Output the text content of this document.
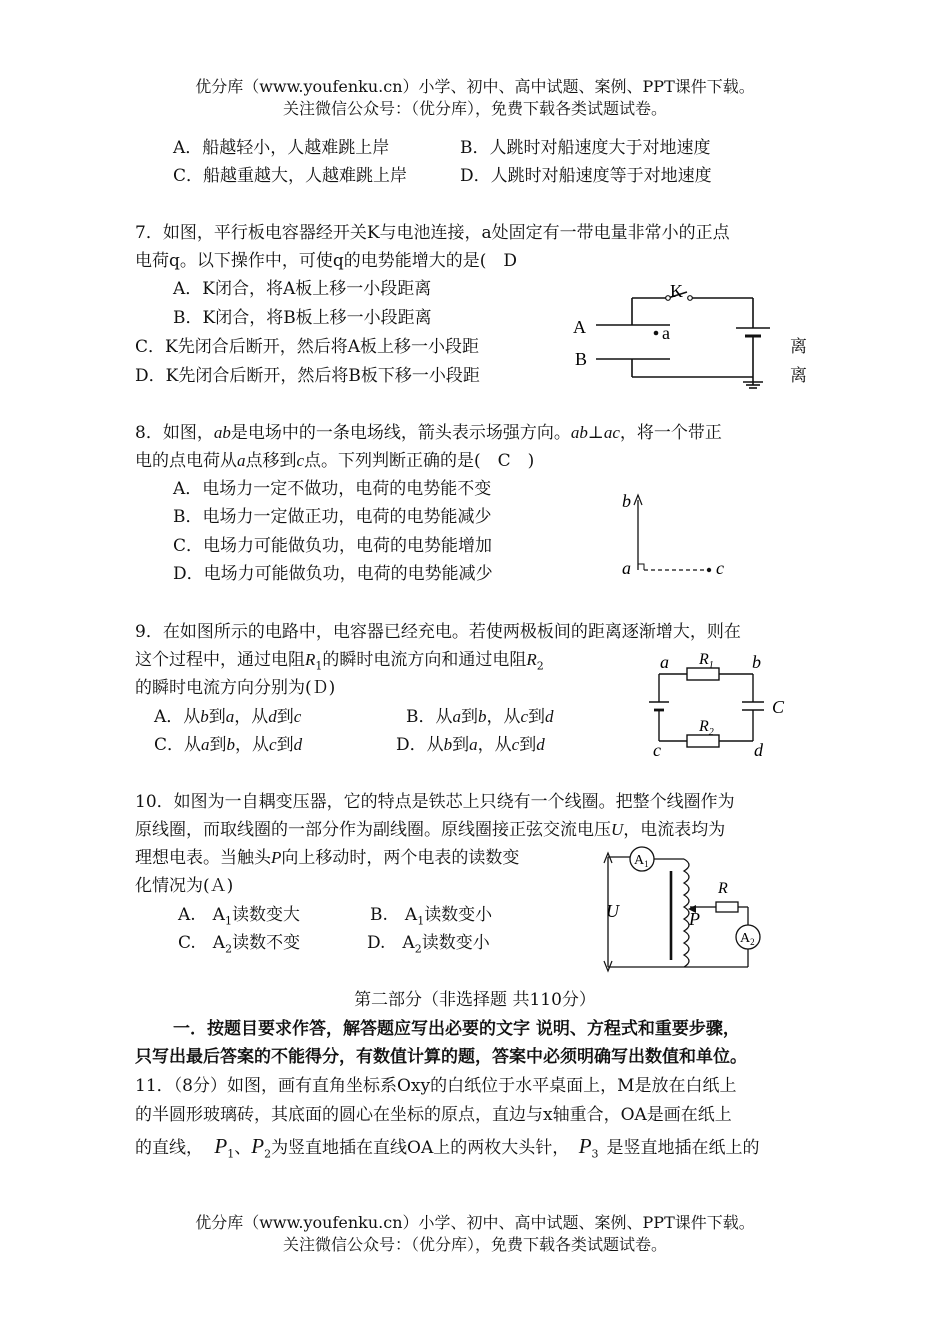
优分库（www.youfenku.cn）小学、初中、高中试题、案例、PPT课件下载。
关注微信公众号：（优分库），免费下载各类试题试卷。
A．船越轻小，人越难跳上岸	B．人跳时对船速度大于对地速度
C．船越重越大，人越难跳上岸	D．人跳时对船速度等于对地速度
7．如图，平行板电容器经开关K与电池连接，a处固定有一带电量非常小的正点
电荷q。以下操作中，可使q的电势能增大的是(　D
A．K闭合，将A板上移一小段距离
B．K闭合，将B板上移一小段距离
C．K先闭合后断开，然后将A板上移一小段距
D．K先闭合后断开，然后将B板下移一小段距
离
离
K
A
B
a
8．如图，ab是电场中的一条电场线，箭头表示场强方向。ab⊥ac，将一个带正
电的点电荷从a点移到c点。下列判断正确的是(　C　)
A．电场力一定不做功，电荷的电势能不变
B．电场力一定做正功，电荷的电势能减少
C．电场力可能做负功，电荷的电势能增加
D．电场力可能做负功，电荷的电势能减少
b
a	c
9．在如图所示的电路中，电容器已经充电。若使两极板间的距离逐渐增大，则在
这个过程中，通过电阻$R_1$的瞬时电流方向和通过电阻$R_2$
的瞬时电流方向分别为(Ｄ)
A．从b到a，从d到c	B．从a到b，从c到d
C．从a到b，从c到d	D．从b到a，从c到d
a	b
c	d
$R_1$
$R_2$
C
10．如图为一自耦变压器，它的特点是铁芯上只绕有一个线圈。把整个线圈作为
原线圈，而取线圈的一部分作为副线圈。原线圈接正弦交流电压U，电流表均为
理想电表。当触头P向上移动时，两个电表的读数变
化情况为(Ａ)
A.　$A_1$读数变大	B.　$A_1$读数变小
C.　$A_2$读数不变	D.　$A_2$读数变小
$A_1$
$A_2$
R
P
U
第二部分（非选择题 共110分）
一．按题目要求作答，解答题应写出必要的文字 说明、方程式和重要步骤，
只写出最后答案的不能得分，有数值计算的题，答案中必须明确写出数值和单位。
11．（8分）如图，画有直角坐标系Oxy的白纸位于水平桌面上，M是放在白纸上
的半圆形玻璃砖，其底面的圆心在坐标的原点，直边与x轴重合，OA是画在纸上
的直线， $P_1$、$P_2$为竖直地插在直线OA上的两枚大头针， $P_3$ 是竖直地插在纸上的
优分库（www.youfenku.cn）小学、初中、高中试题、案例、PPT课件下载。
关注微信公众号：（优分库），免费下载各类试题试卷。
